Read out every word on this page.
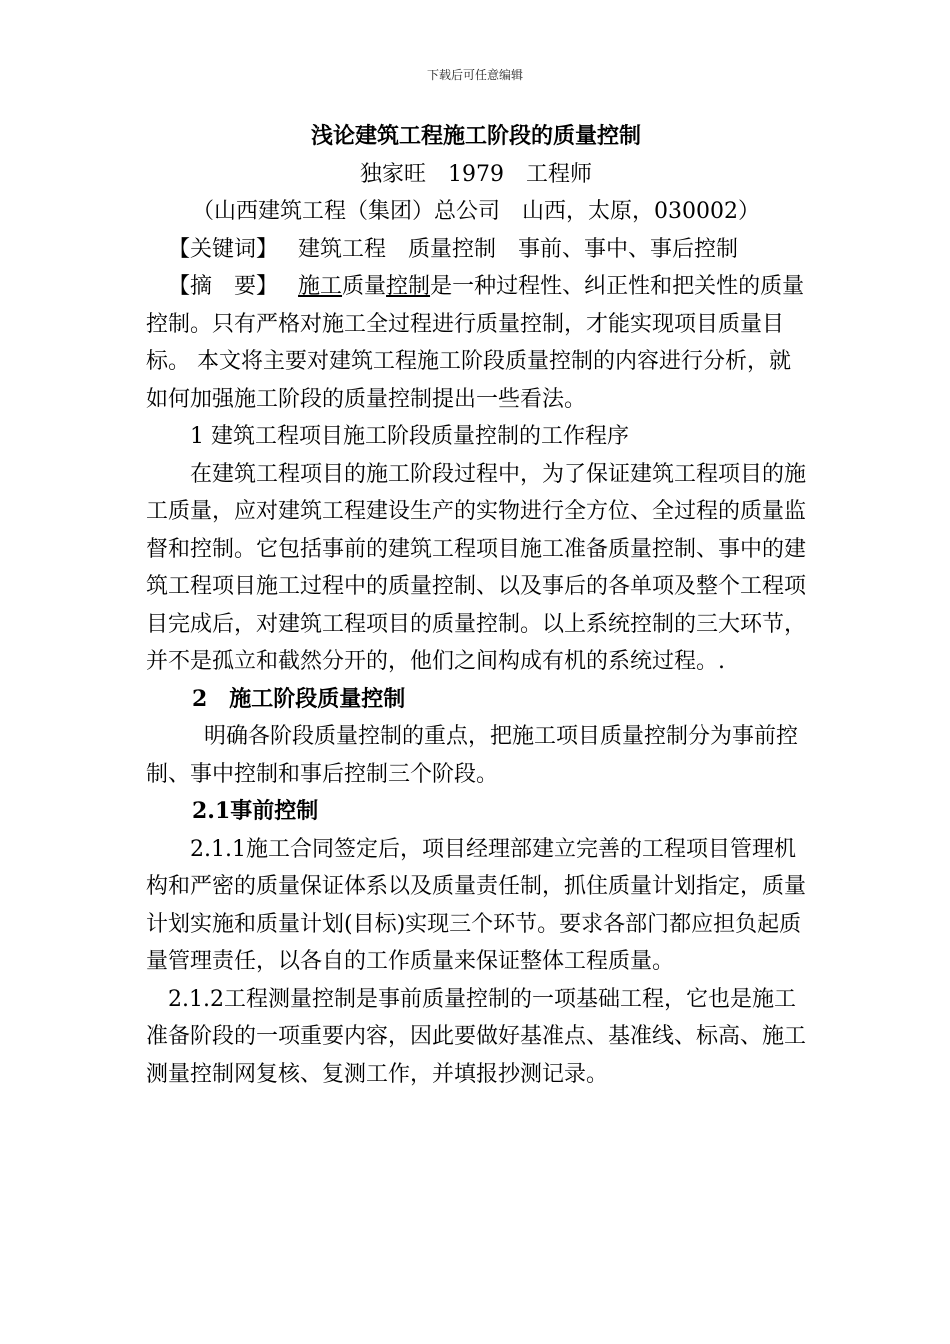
下载后可任意编辑

浅论建筑工程施工阶段的质量控制

独家旺　1979　工程师

（山西建筑工程（集团）总公司　山西，太原，030002）

【关键词】 建筑工程　质量控制　事前、事中、事后控制

【摘　要】 施工质量控制是一种过程性、纠正性和把关性的质量控制。只有严格对施工全过程进行质量控制，才能实现项目质量目标。 本文将主要对建筑工程施工阶段质量控制的内容进行分析，就如何加强施工阶段的质量控制提出一些看法。

1 建筑工程项目施工阶段质量控制的工作程序

在建筑工程项目的施工阶段过程中，为了保证建筑工程项目的施工质量，应对建筑工程建设生产的实物进行全方位、全过程的质量监督和控制。它包括事前的建筑工程项目施工准备质量控制、事中的建筑工程项目施工过程中的质量控制、以及事后的各单项及整个工程项目完成后，对建筑工程项目的质量控制。以上系统控制的三大环节，并不是孤立和截然分开的，他们之间构成有机的系统过程。.

2　施工阶段质量控制

明确各阶段质量控制的重点，把施工项目质量控制分为事前控制、事中控制和事后控制三个阶段。

2.1事前控制

2.1.1施工合同签定后，项目经理部建立完善的工程项目管理机构和严密的质量保证体系以及质量责任制，抓住质量计划指定，质量计划实施和质量计划(目标)实现三个环节。要求各部门都应担负起质量管理责任，以各自的工作质量来保证整体工程质量。

2.1.2工程测量控制是事前质量控制的一项基础工程，它也是施工准备阶段的一项重要内容，因此要做好基准点、基准线、标高、施工测量控制网复核、复测工作，并填报抄测记录。
